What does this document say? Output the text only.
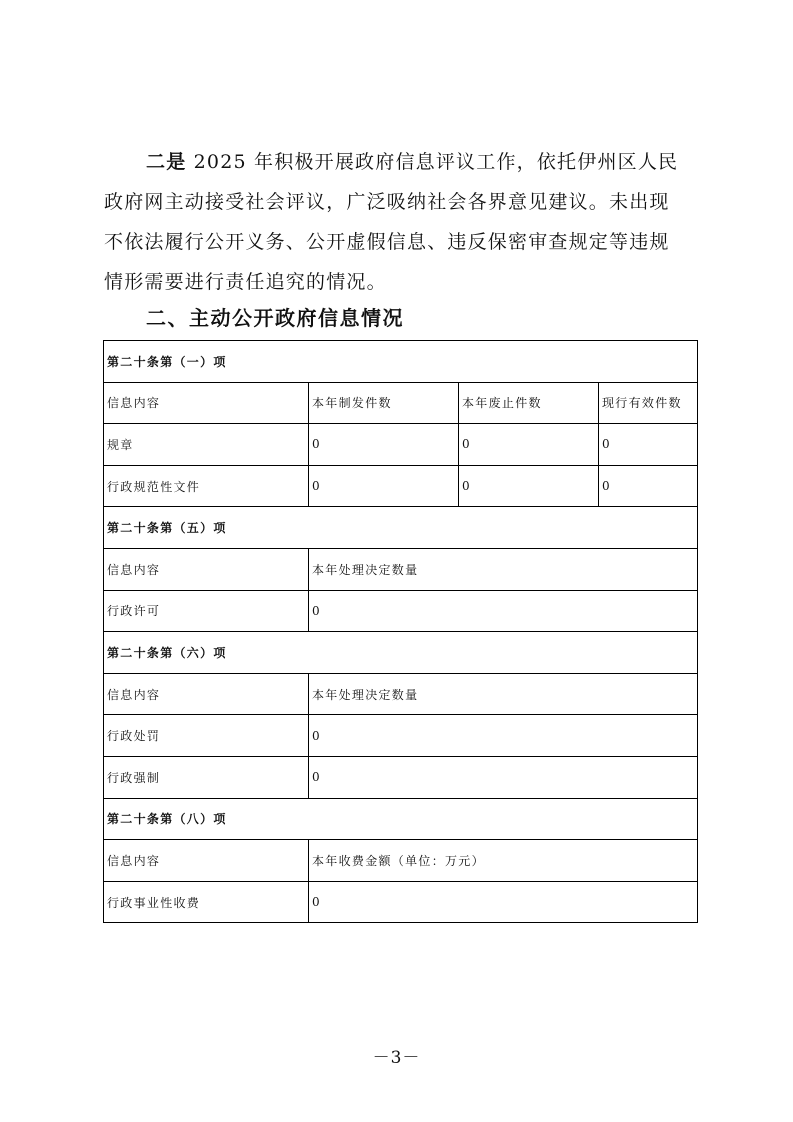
二是 2025 年积极开展政府信息评议工作，依托伊州区人民
政府网主动接受社会评议，广泛吸纳社会各界意见建议。未出现
不依法履行公开义务、公开虚假信息、违反保密审查规定等违规
情形需要进行责任追究的情况。
二、主动公开政府信息情况
第二十条第（一）项			
信息内容	本年制发件数	本年废止件数	现行有效件数
规章	0	0	0
行政规范性文件	0	0	0
第二十条第（五）项			
信息内容	本年处理决定数量		
行政许可	0		
第二十条第（六）项			
信息内容	本年处理决定数量		
行政处罚	0		
行政强制	0		
第二十条第（八）项			
信息内容	本年收费金额（单位：万元）		
行政事业性收费	0		
－3－
